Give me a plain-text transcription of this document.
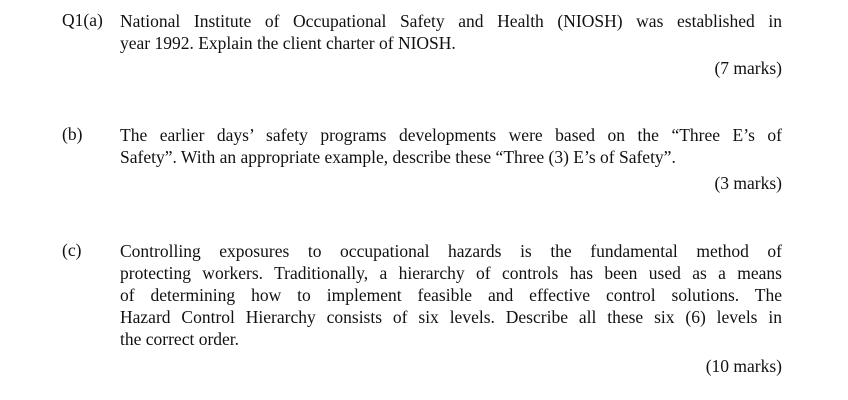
Q1(a) National Institute of Occupational Safety and Health (NIOSH) was established in
year 1992. Explain the client charter of NIOSH.
(7 marks)
(b) The earlier days’ safety programs developments were based on the “Three E’s of
Safety”. With an appropriate example, describe these “Three (3) E’s of Safety”.
(3 marks)
(c) Controlling exposures to occupational hazards is the fundamental method of
protecting workers. Traditionally, a hierarchy of controls has been used as a means
of determining how to implement feasible and effective control solutions. The
Hazard Control Hierarchy consists of six levels. Describe all these six (6) levels in
the correct order.
(10 marks)
